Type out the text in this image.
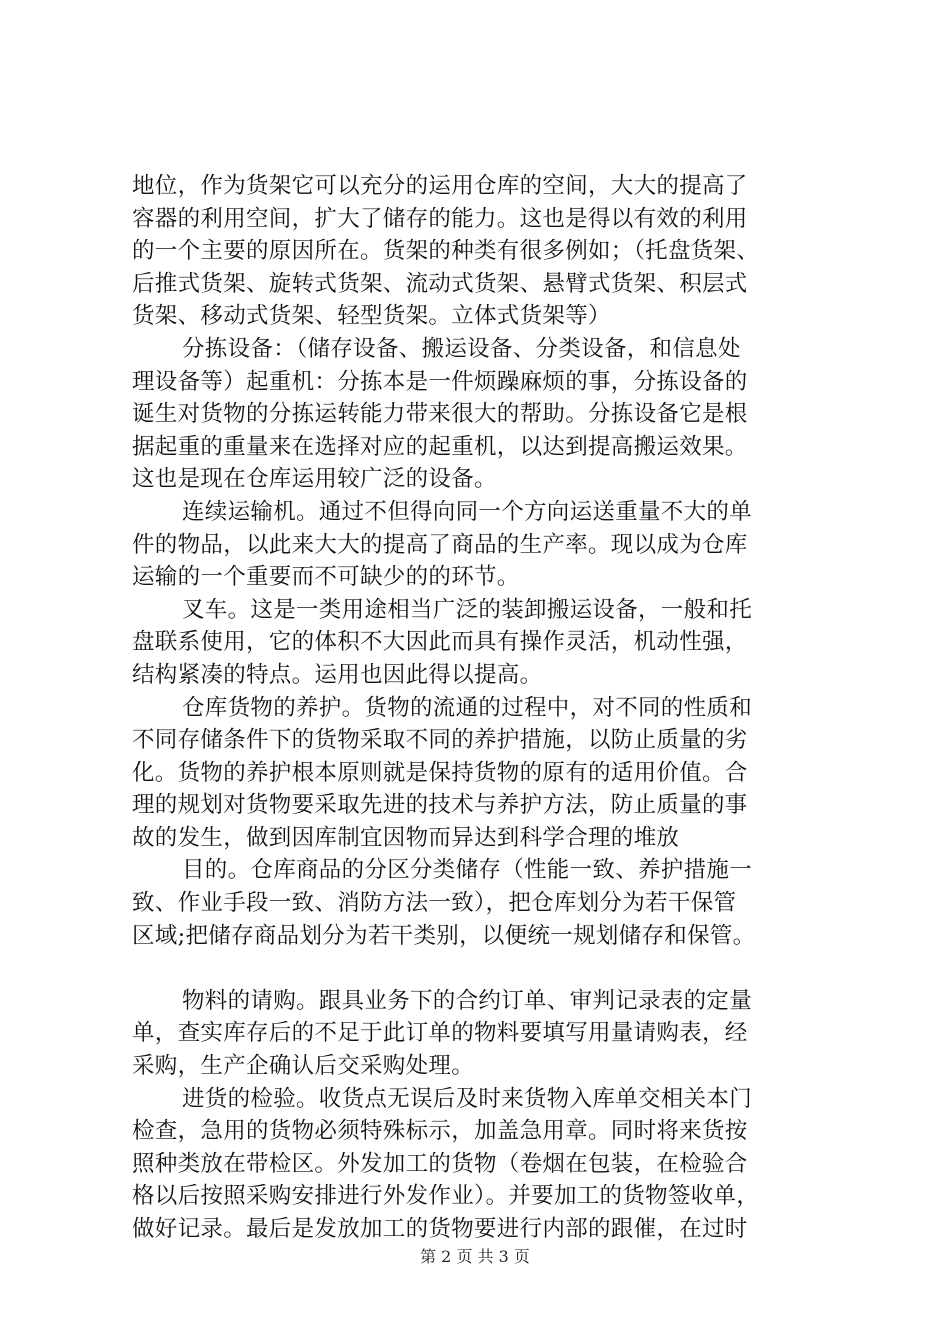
地位，作为货架它可以充分的运用仓库的空间，大大的提高了
容器的利用空间，扩大了储存的能力。这也是得以有效的利用
的一个主要的原因所在。货架的种类有很多例如；（托盘货架、
后推式货架、旋转式货架、流动式货架、悬臂式货架、积层式
货架、移动式货架、轻型货架。立体式货架等）
分拣设备：（储存设备、搬运设备、分类设备，和信息处
理设备等）起重机：分拣本是一件烦躁麻烦的事，分拣设备的
诞生对货物的分拣运转能力带来很大的帮助。分拣设备它是根
据起重的重量来在选择对应的起重机，以达到提高搬运效果。
这也是现在仓库运用较广泛的设备。
连续运输机。通过不但得向同一个方向运送重量不大的单
件的物品，以此来大大的提高了商品的生产率。现以成为仓库
运输的一个重要而不可缺少的的环节。
叉车。这是一类用途相当广泛的装卸搬运设备，一般和托
盘联系使用，它的体积不大因此而具有操作灵活，机动性强，
结构紧凑的特点。运用也因此得以提高。
仓库货物的养护。货物的流通的过程中，对不同的性质和
不同存储条件下的货物采取不同的养护措施，以防止质量的劣
化。货物的养护根本原则就是保持货物的原有的适用价值。合
理的规划对货物要采取先进的技术与养护方法，防止质量的事
故的发生，做到因库制宜因物而异达到科学合理的堆放
目的。仓库商品的分区分类储存（性能一致、养护措施一
致、作业手段一致、消防方法一致），把仓库划分为若干保管
区域;把储存商品划分为若干类别，以便统一规划储存和保管。
物料的请购。跟具业务下的合约订单、审判记录表的定量
单，查实库存后的不足于此订单的物料要填写用量请购表，经
采购，生产企确认后交采购处理。
进货的检验。收货点无误后及时来货物入库单交相关本门
检查，急用的货物必须特殊标示，加盖急用章。同时将来货按
照种类放在带检区。外发加工的货物（卷烟在包装，在检验合
格以后按照采购安排进行外发作业）。并要加工的货物签收单，
做好记录。最后是发放加工的货物要进行内部的跟催，在过时
第 2 页 共 3 页
